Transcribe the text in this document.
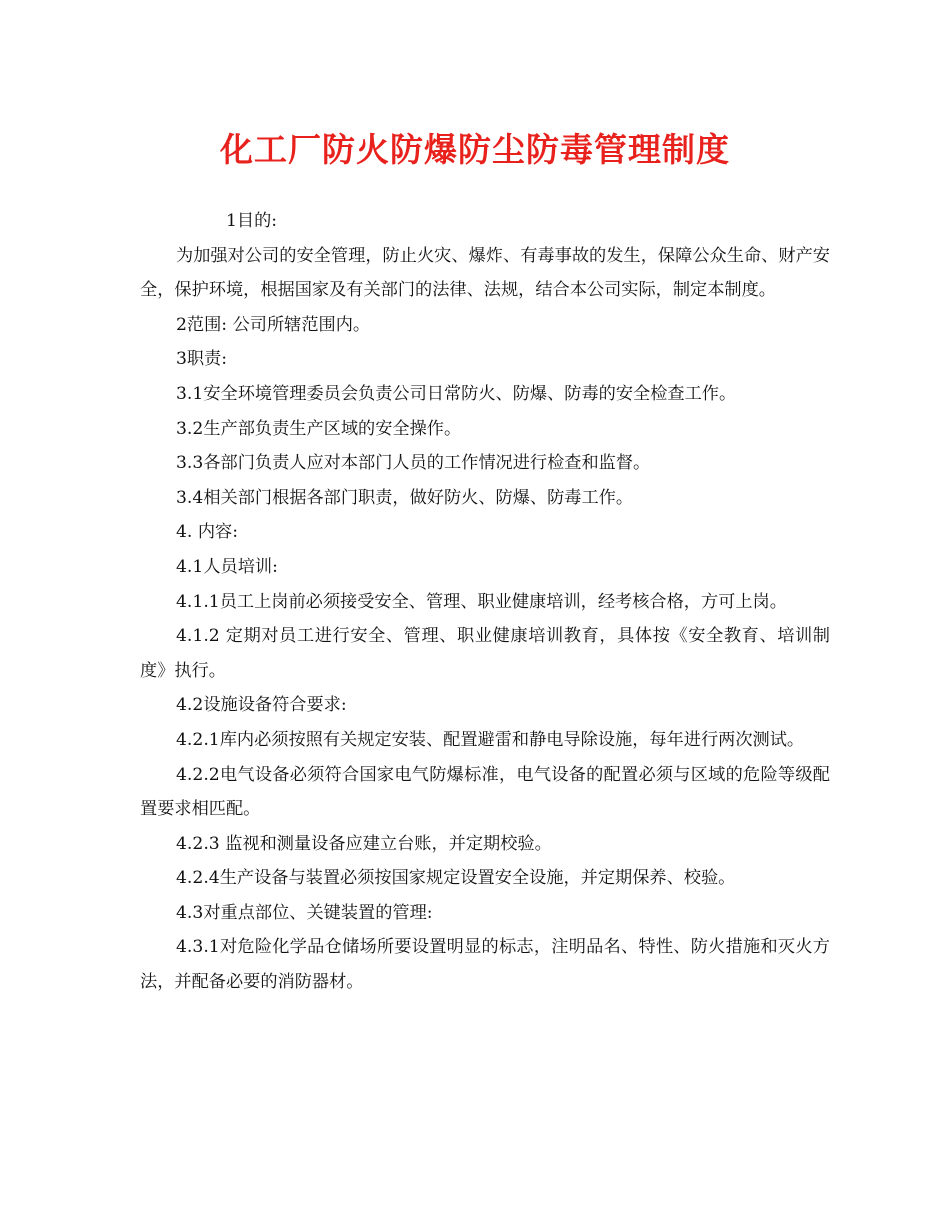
化工厂防火防爆防尘防毒管理制度

1目的:

为加强对公司的安全管理，防止火灾、爆炸、有毒事故的发生，保障公众生命、财产安全，保护环境，根据国家及有关部门的法律、法规，结合本公司实际，制定本制度。

2范围: 公司所辖范围内。

3职责:

3.1安全环境管理委员会负责公司日常防火、防爆、防毒的安全检查工作。

3.2生产部负责生产区域的安全操作。

3.3各部门负责人应对本部门人员的工作情况进行检查和监督。

3.4相关部门根据各部门职责，做好防火、防爆、防毒工作。

4. 内容:

4.1人员培训:

4.1.1员工上岗前必须接受安全、管理、职业健康培训，经考核合格，方可上岗。

4.1.2 定期对员工进行安全、管理、职业健康培训教育，具体按《安全教育、培训制度》执行。

4.2设施设备符合要求:

4.2.1库内必须按照有关规定安装、配置避雷和静电导除设施，每年进行两次测试。

4.2.2电气设备必须符合国家电气防爆标准，电气设备的配置必须与区域的危险等级配置要求相匹配。

4.2.3 监视和测量设备应建立台账，并定期校验。

4.2.4生产设备与装置必须按国家规定设置安全设施，并定期保养、校验。

4.3对重点部位、关键装置的管理:

4.3.1对危险化学品仓储场所要设置明显的标志，注明品名、特性、防火措施和灭火方法，并配备必要的消防器材。
